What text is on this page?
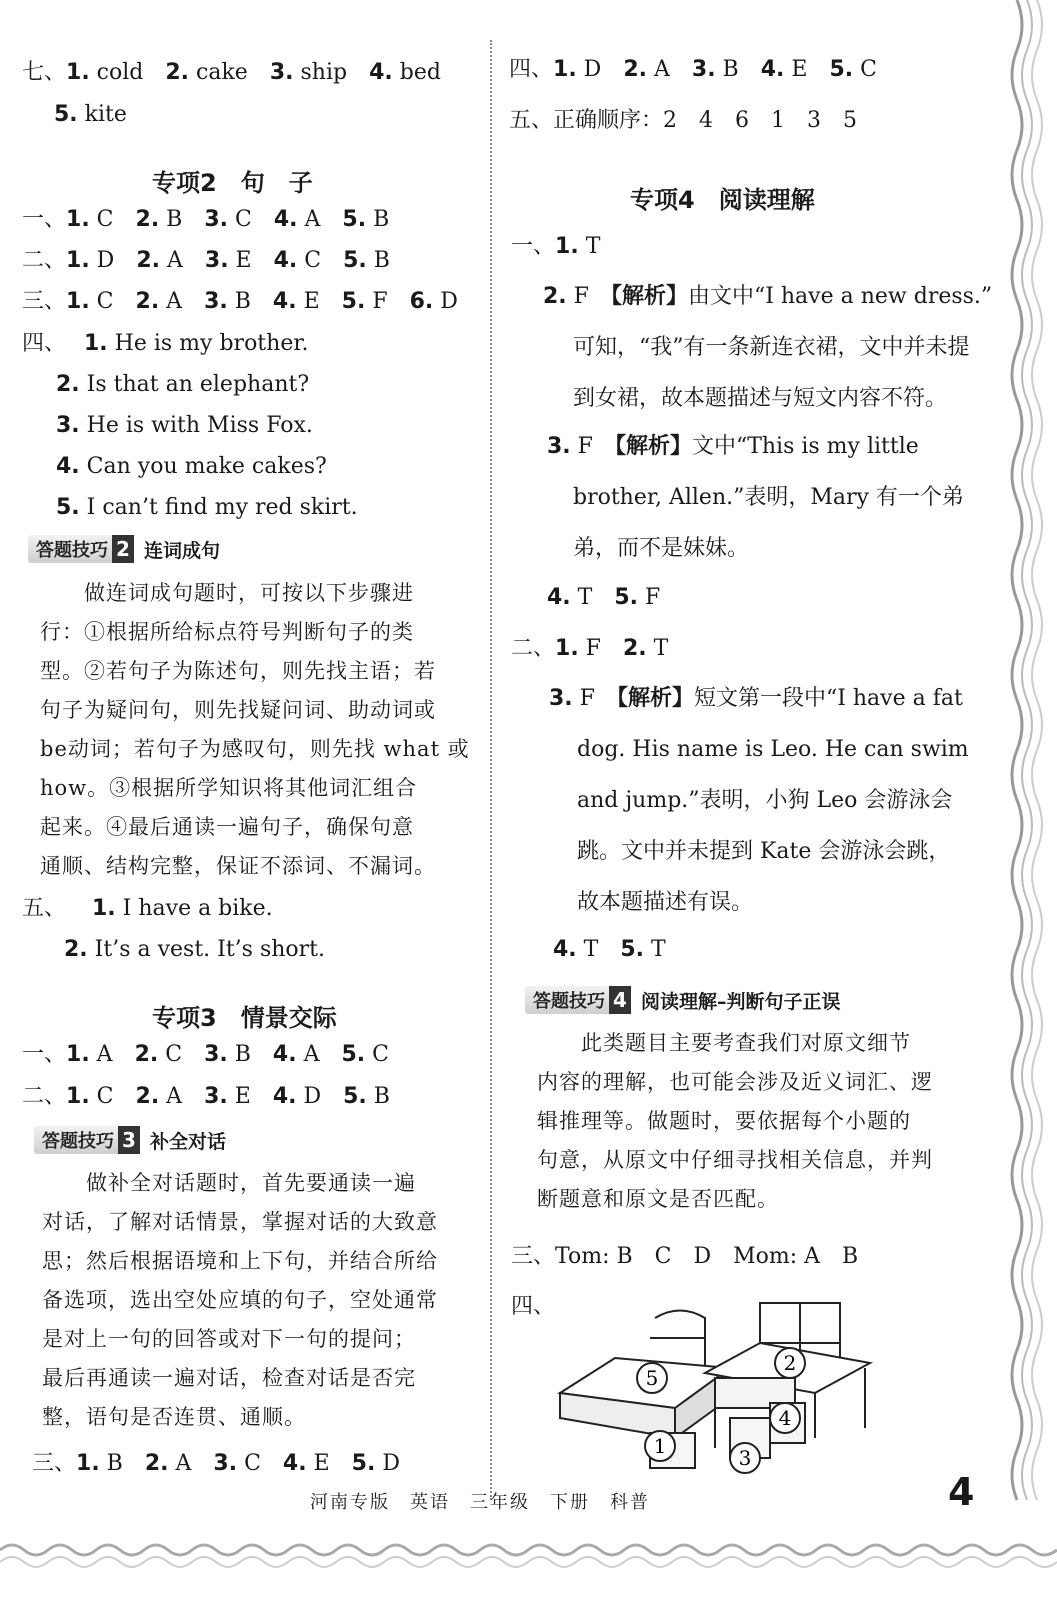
七、1. cold  2. cake  3. ship  4. bed
5. kite
专项2　句　子
一、1. C  2. B  3. C  4. A  5. B
二、1. D  2. A  3. E  4. C  5. B
三、1. C  2. A  3. B  4. E  5. F  6. D
四、
答题技巧 2 连词成句
　　做连词成句题时，可按以下步骤进
行：①根据所给标点符号判断句子的类
型。②若句子为陈述句，则先找主语；若
句子为疑问句，则先找疑问词、助动词或
be动词；若句子为感叹句，则先找 what 或
how。③根据所学知识将其他词汇组合
起来。④最后通读一遍句子，确保句意
通顺、结构完整，保证不添词、不漏词。
五、
专项3　情景交际
一、1. A  2. C  3. B  4. A  5. C
二、1. C  2. A  3. E  4. D  5. B
答题技巧 3 补全对话
　　做补全对话题时，首先要通读一遍
对话，了解对话情景，掌握对话的大致意
思；然后根据语境和上下句，并结合所给
备选项，选出空处应填的句子，空处通常
是对上一句的回答或对下一句的提问；
最后再通读一遍对话，检查对话是否完
整，语句是否连贯、通顺。
三、1. B  2. A  3. C  4. E  5. D
1. He is my brother.
2. Is that an elephant?
3. He is with Miss Fox.
4. Can you make cakes?
5. I can’t find my red skirt.
1. I have a bike.
2. It’s a vest. It’s short.
四、1. D  2. A  3. B  4. E  5. C
五、正确顺序：2　4　6　1　3　5
专项4　阅读理解
一、1. T
4. T  5. F
二、1. F  2. T
4. T  5. T
答题技巧 4 阅读理解–判断句子正误
　　此类题目主要考查我们对原文细节
内容的理解，也可能会涉及近义词汇、逻
辑推理等。做题时，要依据每个小题的
句意，从原文中仔细寻找相关信息，并判
断题意和原文是否匹配。
三、Tom: B　C　D　Mom: A　B
四、
2. F　【解析】由文中“I have a new dress.”
可知，“我”有一条新连衣裙，文中并未提
到女裙，故本题描述与短文内容不符。
3. F　【解析】文中“This is my little
brother, Allen.”表明，Mary 有一个弟
弟，而不是妹妹。
3. F　【解析】短文第一段中“I have a fat
dog. His name is Leo. He can swim
and jump.”表明，小狗 Leo 会游泳会
跳。文中并未提到 Kate 会游泳会跳，
故本题描述有误。
5
2
4
1	3
河南专版　英语　三年级　下册　科普	4
